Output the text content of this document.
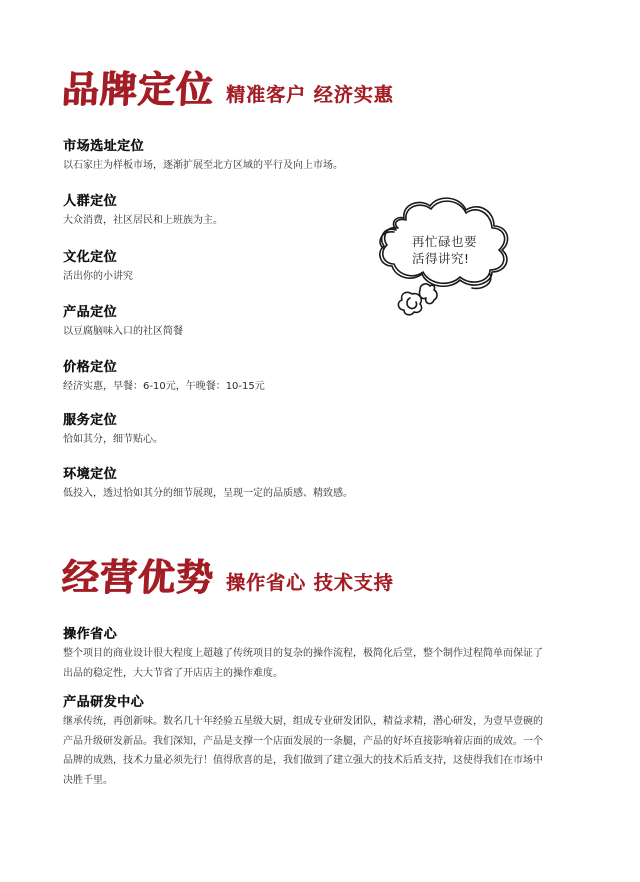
品牌定位 精准客户 经济实惠
市场选址定位
以石家庄为样板市场，逐渐扩展至北方区域的平行及向上市场。
人群定位
大众消费，社区居民和上班族为主。
文化定位
活出你的小讲究
产品定位
以豆腐脑味入口的社区简餐
价格定位
经济实惠，早餐：6-10元，午晚餐：10-15元
服务定位
恰如其分，细节贴心。
环境定位
低投入，透过恰如其分的细节展现，呈现一定的品质感、精致感。
再忙碌也要
活得讲究!
经营优势 操作省心 技术支持
操作省心
整个项目的商业设计很大程度上超越了传统项目的复杂的操作流程，极简化后堂，整个制作过程简单而保证了
出品的稳定性，大大节省了开店店主的操作难度。
产品研发中心
继承传统，再创新味。数名几十年经验五星级大厨，组成专业研发团队，精益求精，潜心研发，为壹早壹碗的
产品升级研发新品。我们深知，产品是支撑一个店面发展的一条腿，产品的好坏直接影响着店面的成效。一个
品牌的成熟，技术力量必须先行！值得欣喜的是，我们做到了建立强大的技术后盾支持，这使得我们在市场中
决胜千里。
